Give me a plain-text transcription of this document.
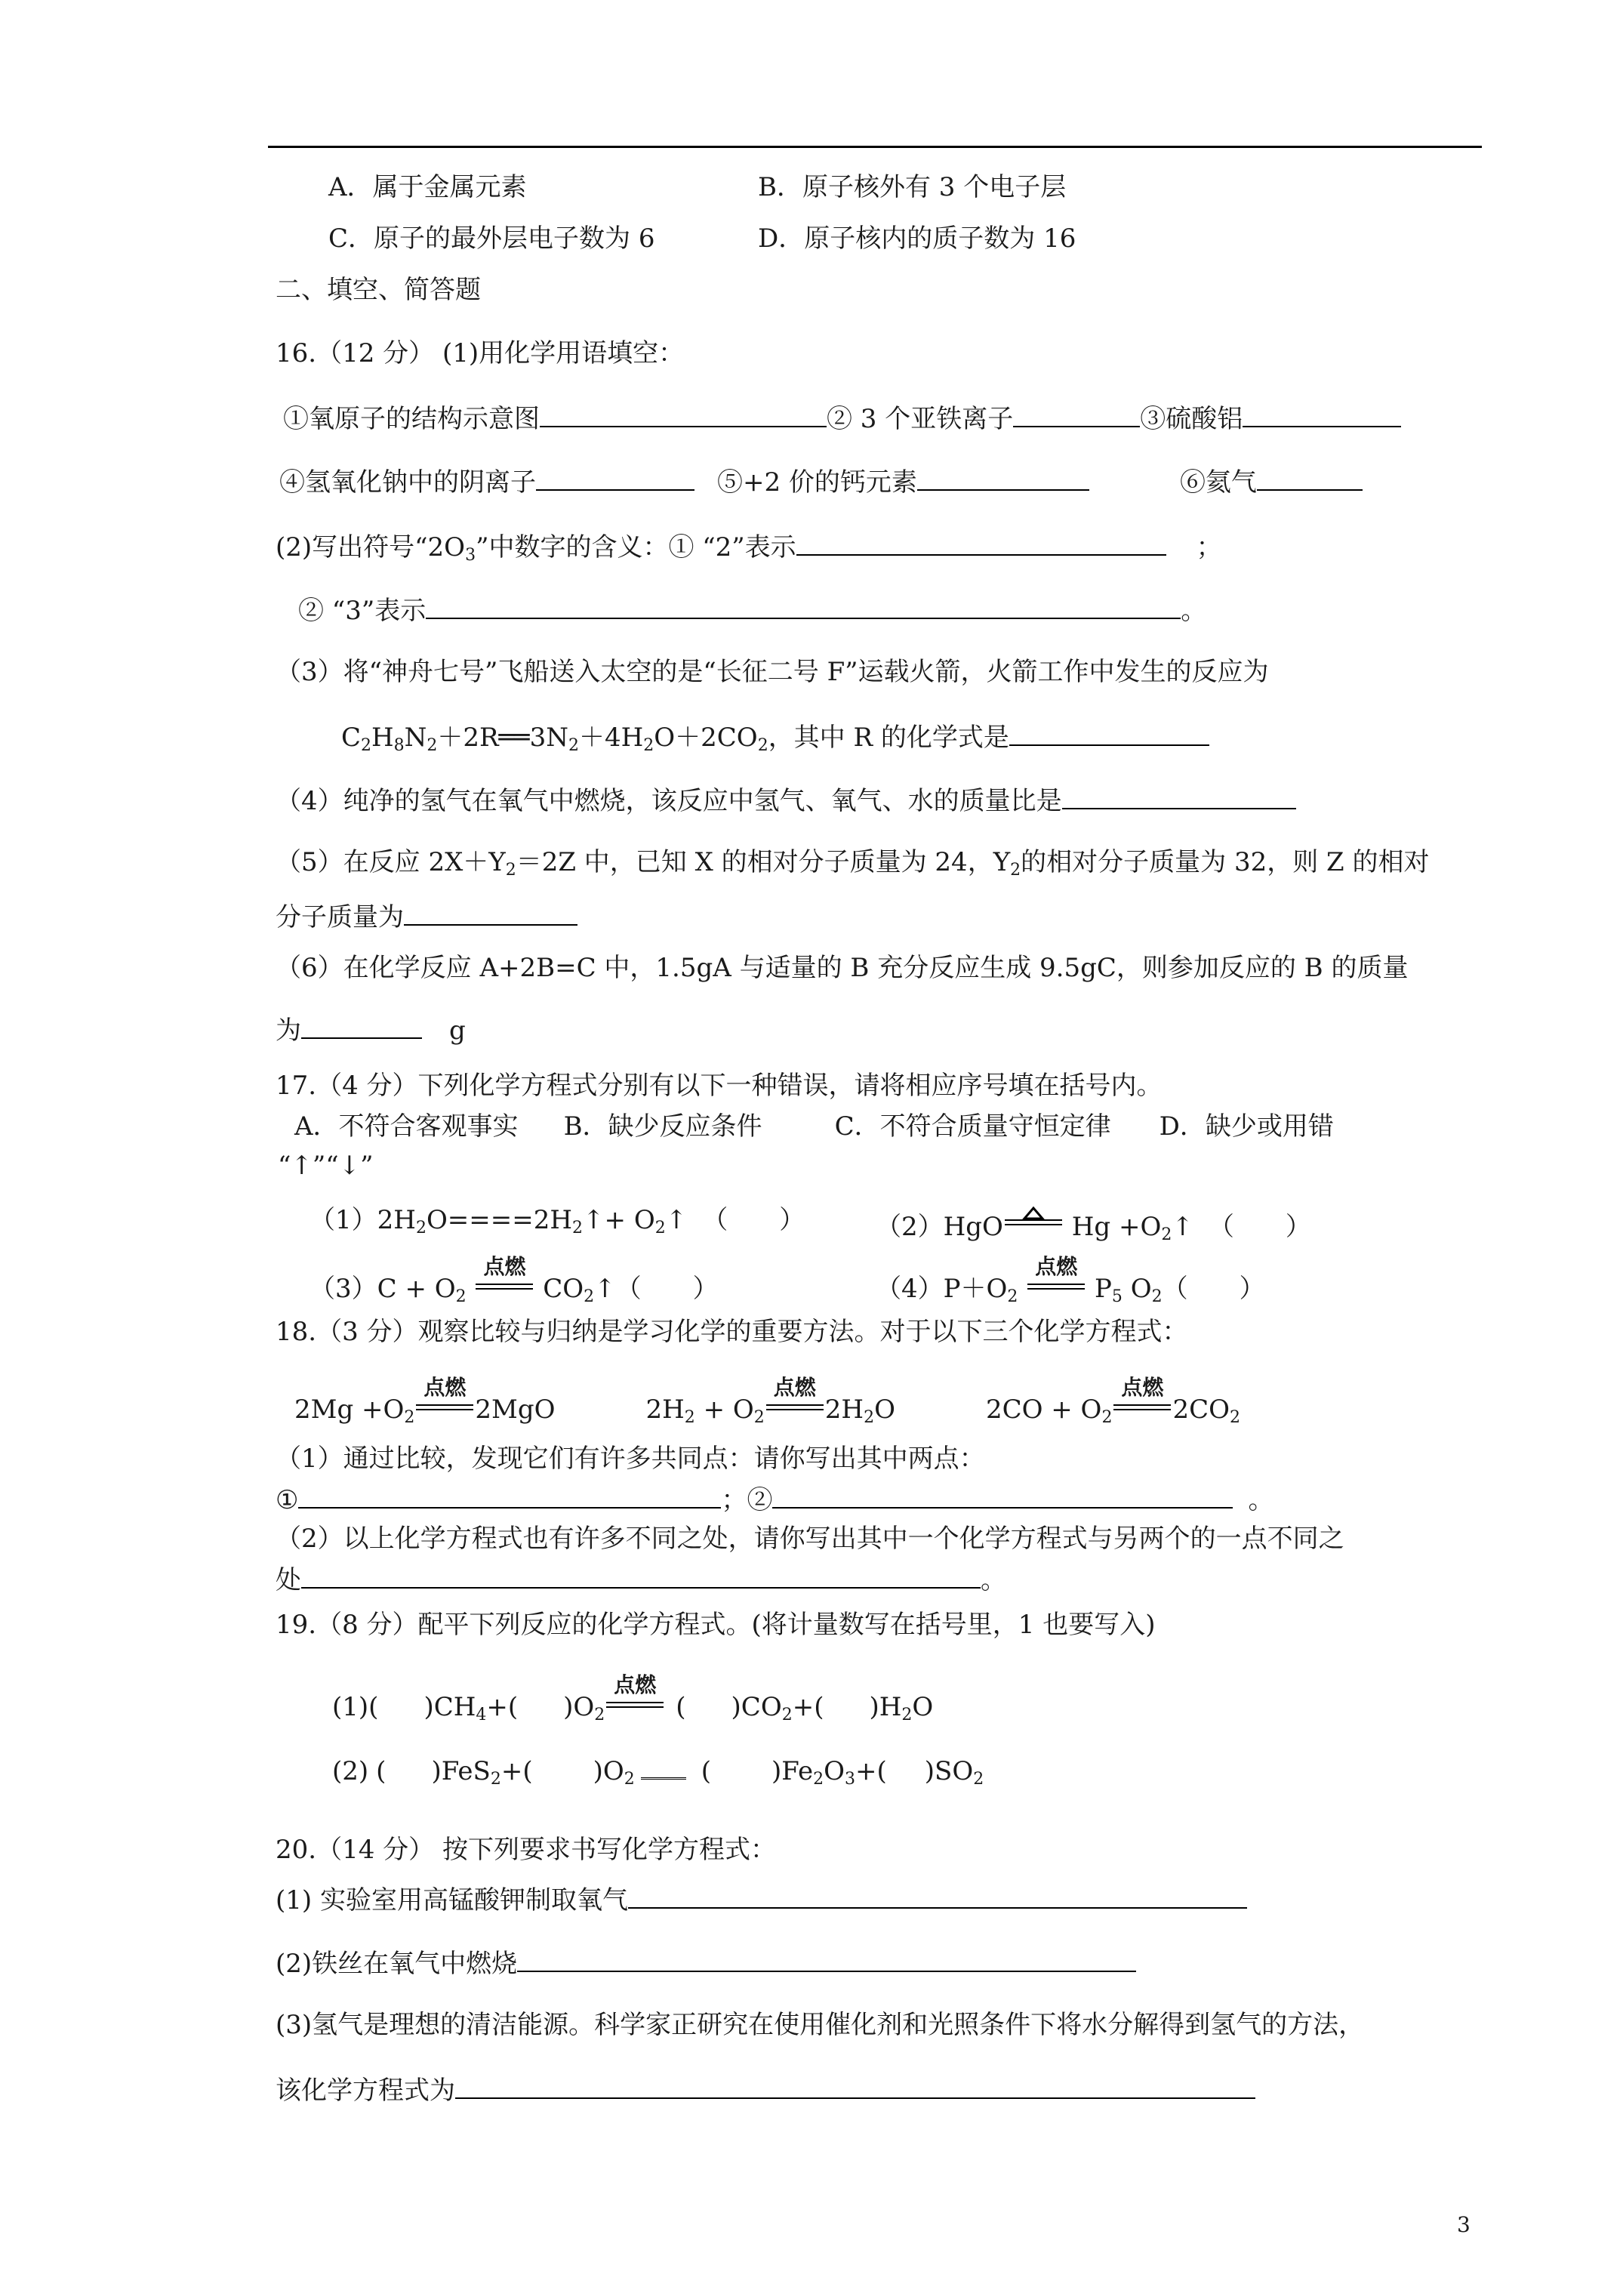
A．属于金属元素	B．原子核外有 3 个电子层
C．原子的最外层电子数为 6	D．原子核内的质子数为 16
二、填空、简答题
16.（12 分） (1)用化学用语填空：
①氧原子的结构示意图	② 3 个亚铁离子	③硫酸铝
④氢氧化钠中的阴离子	⑤+2 价的钙元素	⑥氦气
(2)写出符号“$2O_3$”中数字的含义：① “2”表示	；
② “3”表示	。
（3）将“神舟七号”飞船送入太空的是“长征二号 F”运载火箭，火箭工作中发生的反应为
$C_2H_8N_2+2R══3N_2+4H_2O+2CO_2$，其中 R 的化学式是
（4）纯净的氢气在氧气中燃烧，该反应中氢气、氧气、水的质量比是
（5）在反应 $2X+Y_2=2Z$ 中，已知 X 的相对分子质量为 24，$Y_2$的相对分子质量为 32，则 Z 的相对
分子质量为
（6）在化学反应 A+2B=C 中，1.5gA 与适量的 B 充分反应生成 9.5gC，则参加反应的 B 的质量
为	g
17.（4 分）下列化学方程式分别有以下一种错误，请将相应序号填在括号内。
A．不符合客观事实 B．缺少反应条件	C．不符合质量守恒定律 D．缺少或用错
“↑”“↓”
$(1)2H_2O====2H_2↑+$ $O_2↑$ （　　）	（2）HgO
$Hg +O_2↑$ （　　）
$(3)C + O_2$
点燃
$CO_2↑$（　　）	$(4)P+O_2$
点燃
$P_5$ $O_2$（　　）
18.（3 分）观察比较与归纳是学习化学的重要方法。对于以下三个化学方程式：
$2Mg +O_2$
点燃
2MgO	$2H_2 + O_2$
点燃
$2H_2O$	$2CO + O_2$
点燃
$2CO_2$
（1）通过比较，发现它们有许多共同点：请你写出其中两点：
①	；②	。
（2）以上化学方程式也有许多不同之处，请你写出其中一个化学方程式与另两个的一点不同之
处	。
19.（8 分）配平下列反应的化学方程式。(将计量数写在括号里，1 也要写入)
(1)( )$CH_4+$( )$O_2$
点燃
( )$CO_2+$( )$H_2O$
(2) ( )FeS$_2$+( )$O_2$	( )$Fe_2O_3+$( )$SO_2$
20.（14 分） 按下列要求书写化学方程式：
(1) 实验室用高锰酸钾制取氧气
(2)铁丝在氧气中燃烧
(3)氢气是理想的清洁能源。科学家正研究在使用催化剂和光照条件下将水分解得到氢气的方法，
该化学方程式为
3
